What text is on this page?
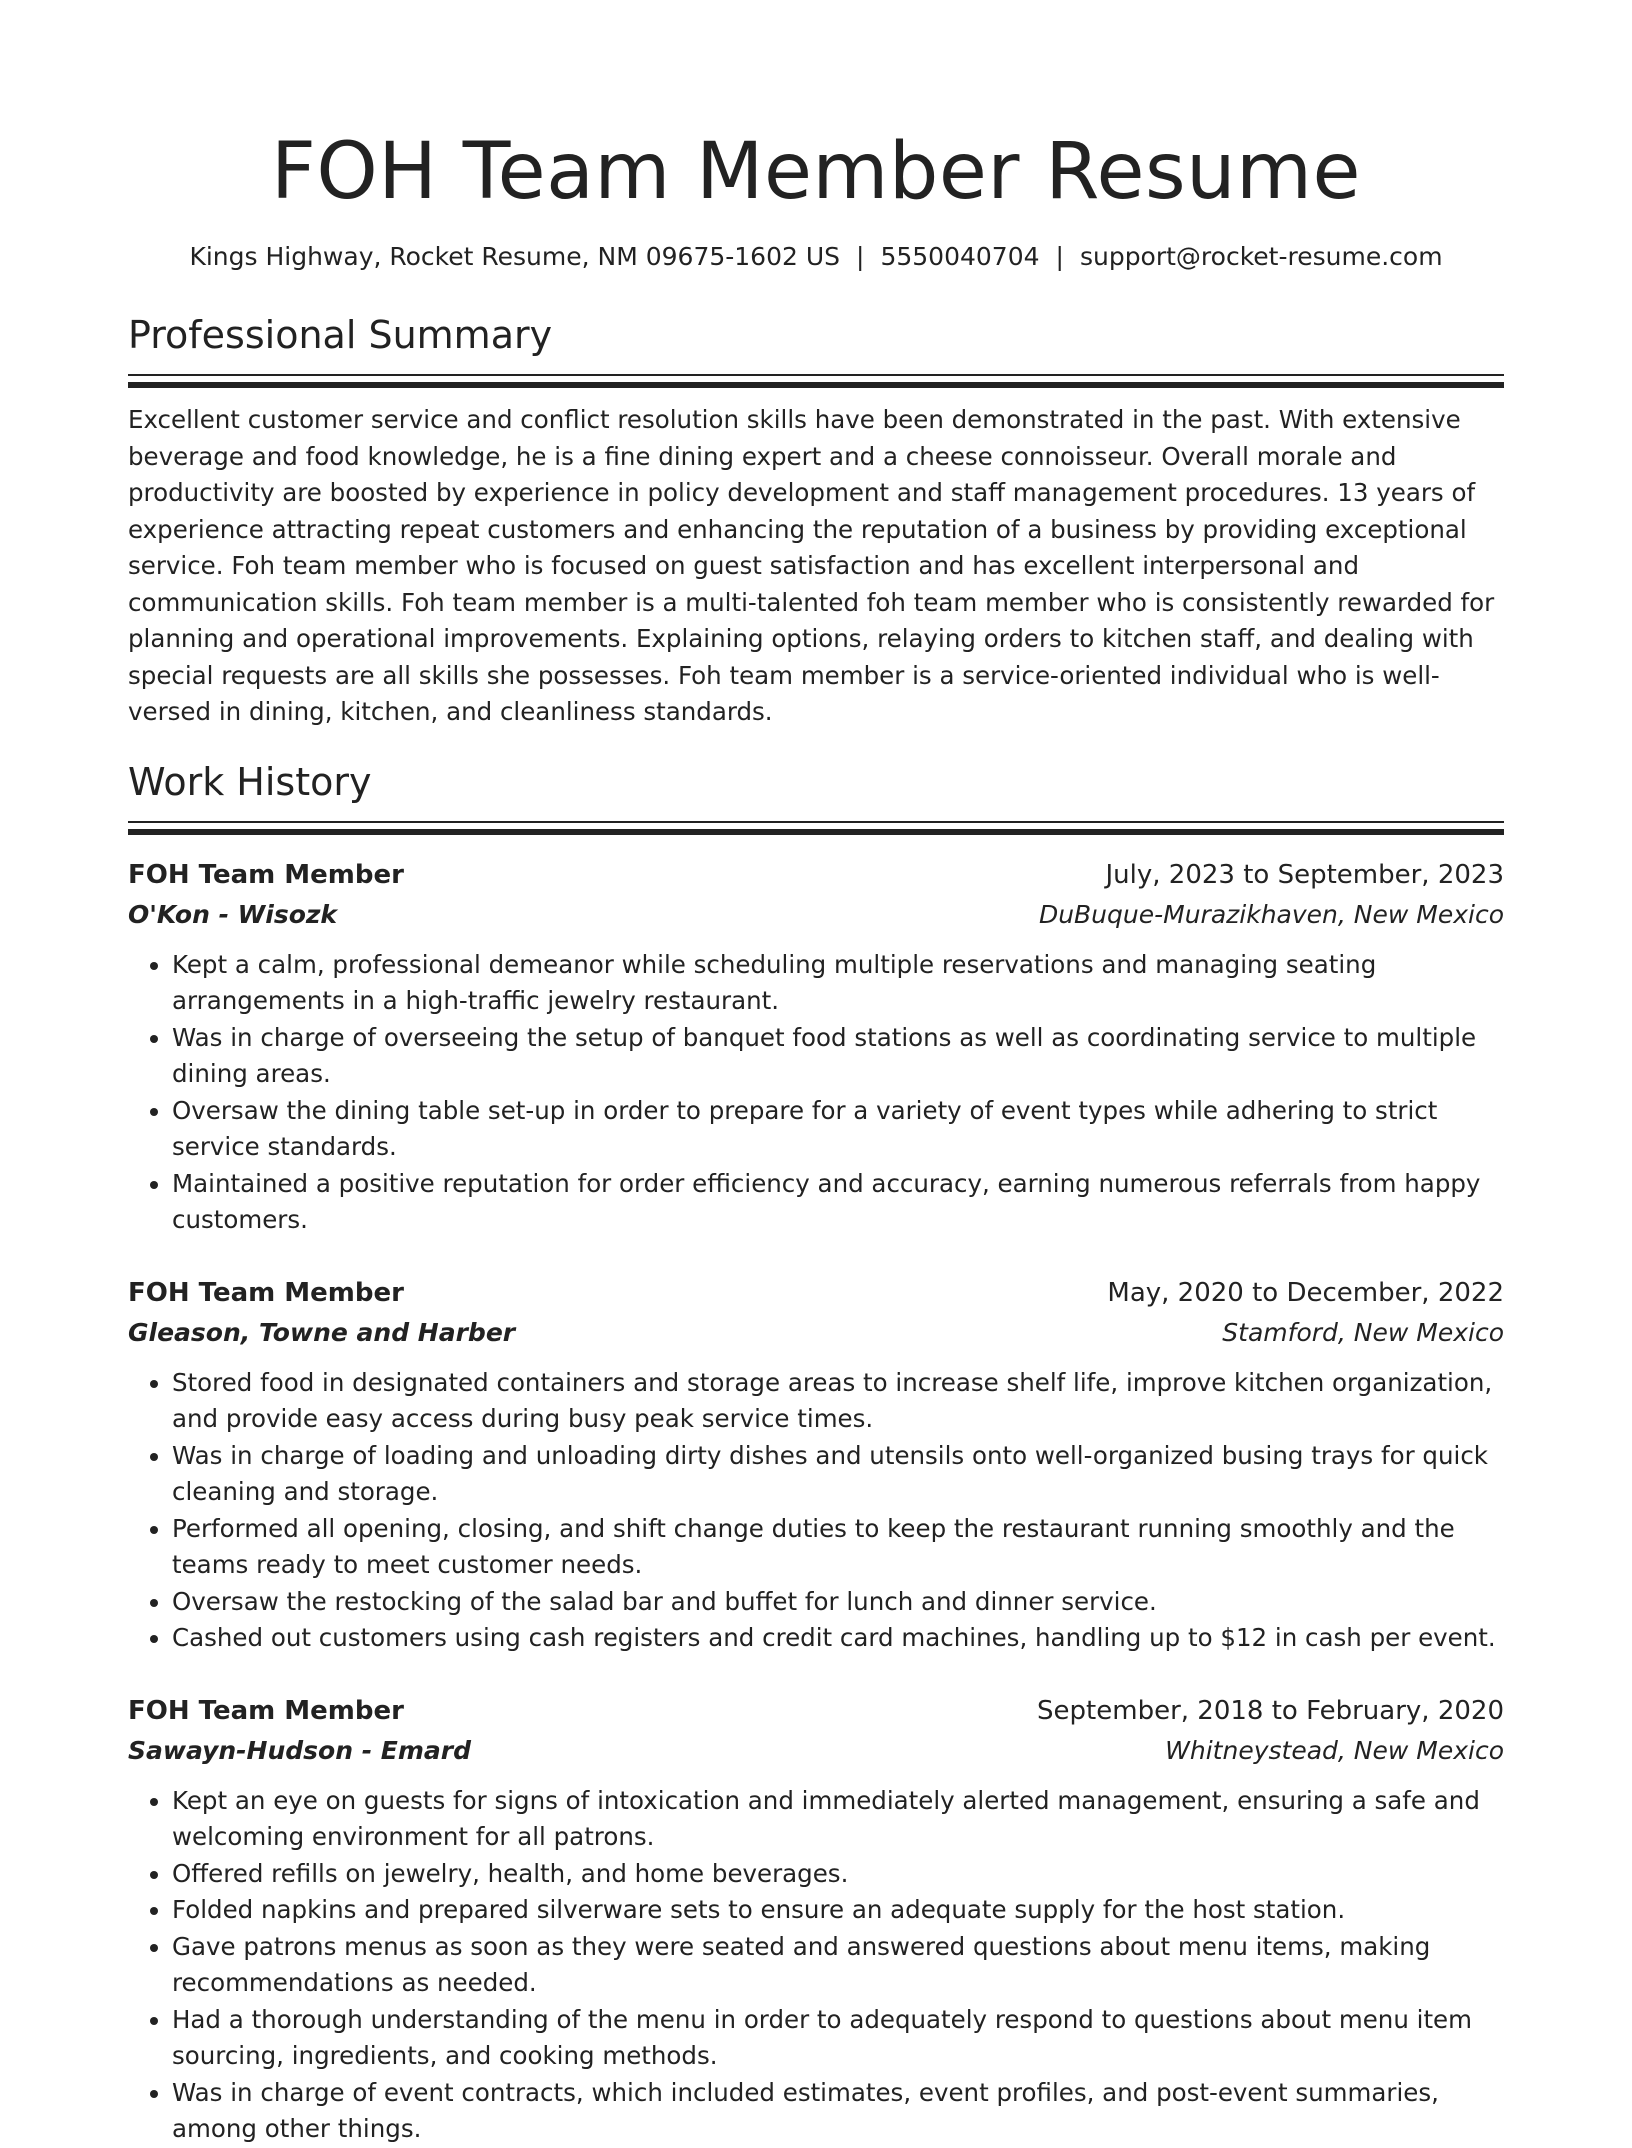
FOH Team Member Resume
Kings Highway, Rocket Resume, NM 09675-1602 US | 5550040704 | support@rocket-resume.com
Professional Summary

Excellent customer service and conflict resolution skills have been demonstrated in the past. With extensive beverage and food knowledge, he is a fine dining expert and a cheese connoisseur. Overall morale and productivity are boosted by experience in policy development and staff management procedures. 13 years of experience attracting repeat customers and enhancing the reputation of a business by providing exceptional service. Foh team member who is focused on guest satisfaction and has excellent interpersonal and communication skills. Foh team member is a multi-talented foh team member who is consistently rewarded for planning and operational improvements. Explaining options, relaying orders to kitchen staff, and dealing with special requests are all skills she possesses. Foh team member is a service-oriented individual who is well-versed in dining, kitchen, and cleanliness standards.

Work History
FOH Team Member	July, 2023 to September, 2023
O'Kon - Wisozk	DuBuque-Murazikhaven, New Mexico
• Kept a calm, professional demeanor while scheduling multiple reservations and managing seating arrangements in a high-traffic jewelry restaurant.
• Was in charge of overseeing the setup of banquet food stations as well as coordinating service to multiple dining areas.
• Oversaw the dining table set-up in order to prepare for a variety of event types while adhering to strict service standards.
• Maintained a positive reputation for order efficiency and accuracy, earning numerous referrals from happy customers.
FOH Team Member	May, 2020 to December, 2022
Gleason, Towne and Harber	Stamford, New Mexico
• Stored food in designated containers and storage areas to increase shelf life, improve kitchen organization, and provide easy access during busy peak service times.
• Was in charge of loading and unloading dirty dishes and utensils onto well-organized busing trays for quick cleaning and storage.
• Performed all opening, closing, and shift change duties to keep the restaurant running smoothly and the teams ready to meet customer needs.
• Oversaw the restocking of the salad bar and buffet for lunch and dinner service.
• Cashed out customers using cash registers and credit card machines, handling up to $12 in cash per event.
FOH Team Member	September, 2018 to February, 2020
Sawayn-Hudson - Emard	Whitneystead, New Mexico
• Kept an eye on guests for signs of intoxication and immediately alerted management, ensuring a safe and welcoming environment for all patrons.
• Offered refills on jewelry, health, and home beverages.
• Folded napkins and prepared silverware sets to ensure an adequate supply for the host station.
• Gave patrons menus as soon as they were seated and answered questions about menu items, making recommendations as needed.
• Had a thorough understanding of the menu in order to adequately respond to questions about menu item sourcing, ingredients, and cooking methods.
• Was in charge of event contracts, which included estimates, event profiles, and post-event summaries, among other things.
